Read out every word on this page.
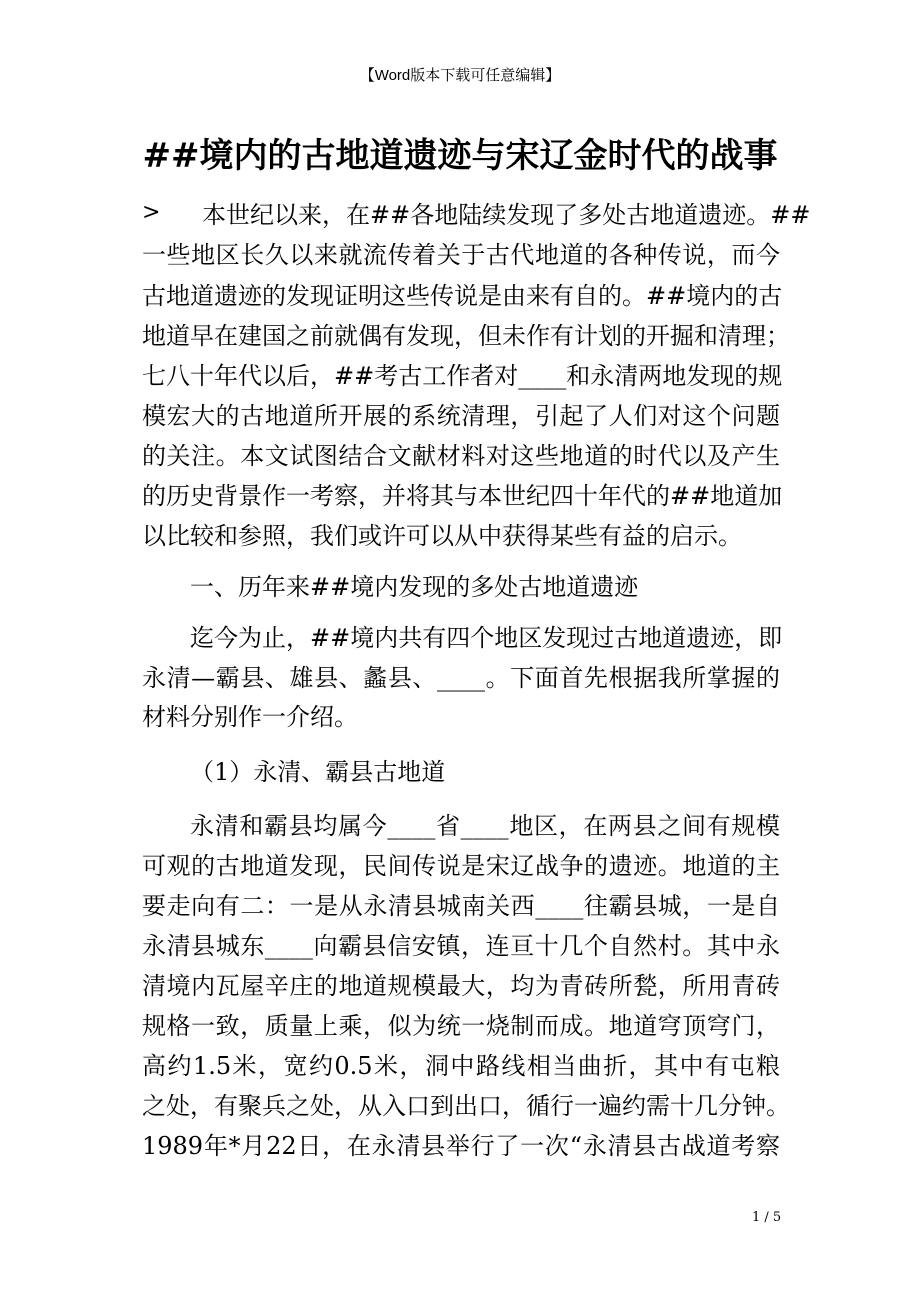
【Word版本下载可任意编辑】
##境内的古地道遗迹与宋辽金时代的战事
> 本世纪以来，在##各地陆续发现了多处古地道遗迹。##
一些地区长久以来就流传着关于古代地道的各种传说，而今
古地道遗迹的发现证明这些传说是由来有自的。##境内的古
地道早在建国之前就偶有发现，但未作有计划的开掘和清理；
七八十年代以后，##考古工作者对____和永清两地发现的规
模宏大的古地道所开展的系统清理，引起了人们对这个问题
的关注。本文试图结合文献材料对这些地道的时代以及产生
的历史背景作一考察，并将其与本世纪四十年代的##地道加
以比较和参照，我们或许可以从中获得某些有益的启示。
一、历年来##境内发现的多处古地道遗迹
迄今为止，##境内共有四个地区发现过古地道遗迹，即
永清—霸县、雄县、蠡县、____。下面首先根据我所掌握的
材料分别作一介绍。
（1）永清、霸县古地道
永清和霸县均属今____省____地区，在两县之间有规模
可观的古地道发现，民间传说是宋辽战争的遗迹。地道的主
要走向有二：一是从永清县城南关西____往霸县城，一是自
永清县城东____向霸县信安镇，连亘十几个自然村。其中永
清境内瓦屋辛庄的地道规模最大，均为青砖所甃，所用青砖
规格一致，质量上乘，似为统一烧制而成。地道穹顶穹门，
高约1.5米，宽约0.5米，洞中路线相当曲折，其中有屯粮
之处，有聚兵之处，从入口到出口，循行一遍约需十几分钟。
1989年*月22日，在永清县举行了一次“永清县古战道考察
1 / 5
